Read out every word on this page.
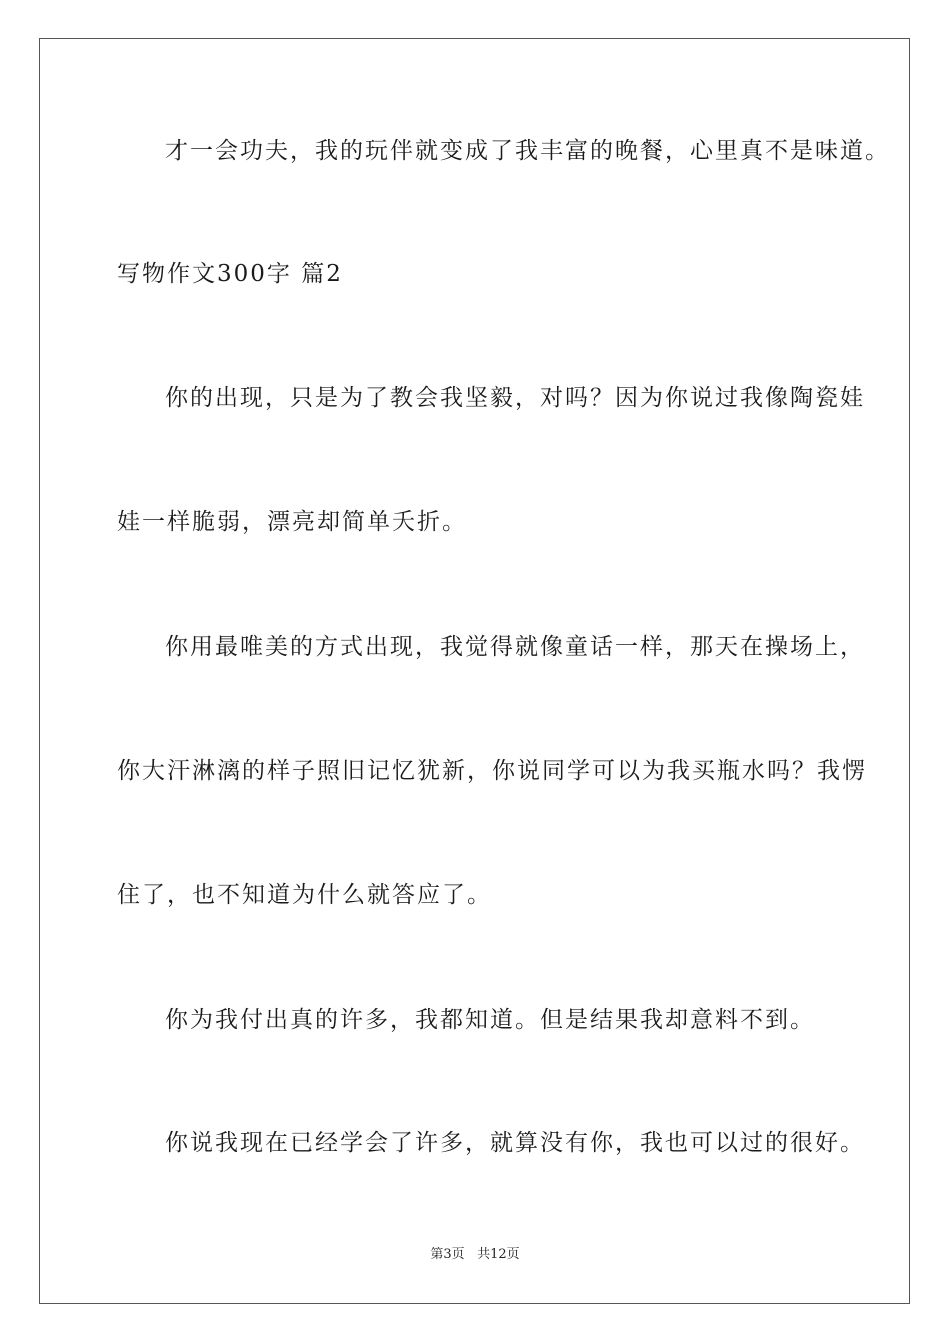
才一会功夫，我的玩伴就变成了我丰富的晚餐，心里真不是味道。
写物作文300字 篇2
你的出现，只是为了教会我坚毅，对吗？因为你说过我像陶瓷娃
娃一样脆弱，漂亮却简单夭折。
你用最唯美的方式出现，我觉得就像童话一样，那天在操场上，
你大汗淋漓的样子照旧记忆犹新，你说同学可以为我买瓶水吗？我愣
住了，也不知道为什么就答应了。
你为我付出真的许多，我都知道。但是结果我却意料不到。
你说我现在已经学会了许多，就算没有你，我也可以过的很好。
第3页 共12页
